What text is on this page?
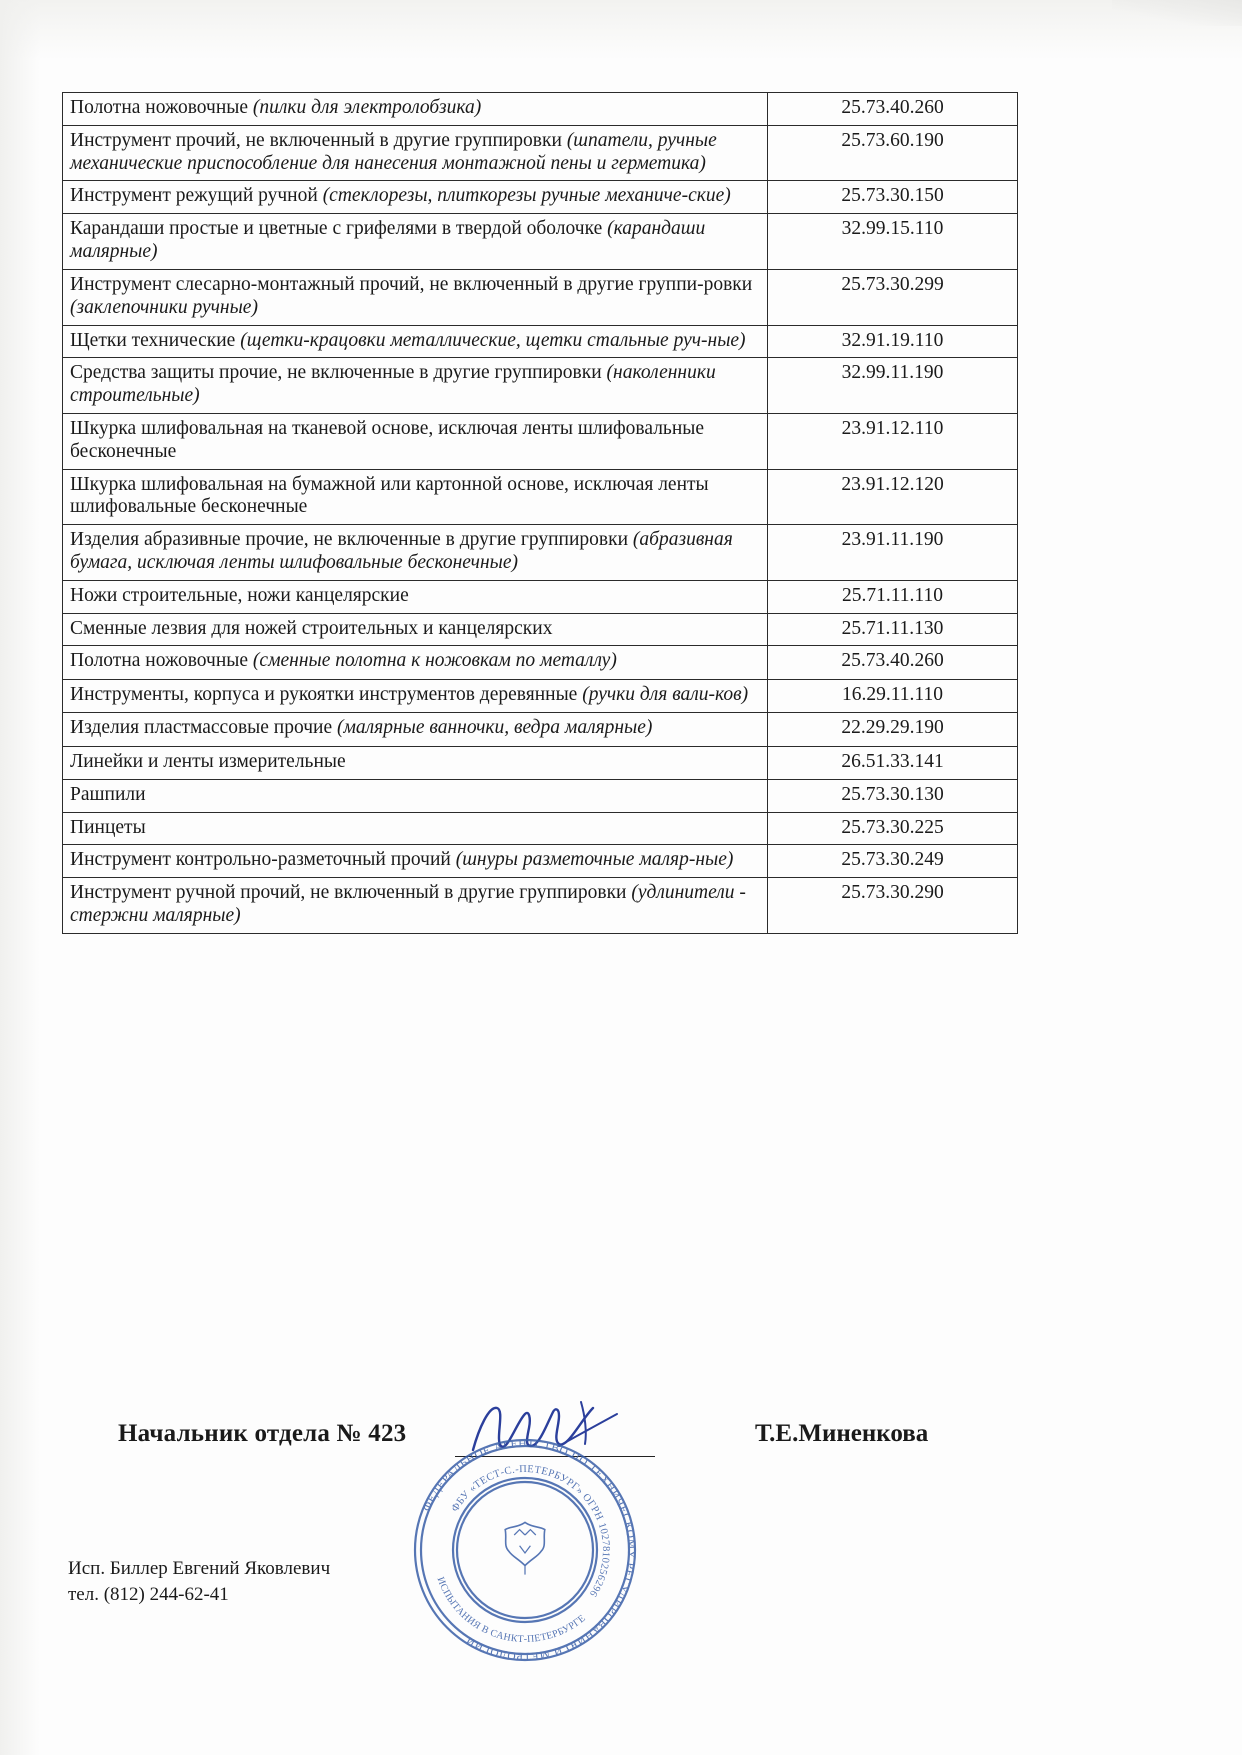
Полотна ножовочные (пилки для электролобзика)	25.73.40.260
Инструмент прочий, не включенный в другие группировки (шпатели, ручные механические приспособление для нанесения монтажной пены и герметика)	25.73.60.190
Инструмент режущий ручной (стеклорезы, плиткорезы ручные механиче-ские)	25.73.30.150
Карандаши простые и цветные с грифелями в твердой оболочке (карандаши малярные)	32.99.15.110
Инструмент слесарно-монтажный прочий, не включенный в другие группи-ровки (заклепочники ручные)	25.73.30.299
Щетки технические (щетки-крацовки металлические, щетки стальные руч-ные)	32.91.19.110
Средства защиты прочие, не включенные в другие группировки (наколенники строительные)	32.99.11.190
Шкурка шлифовальная на тканевой основе, исключая ленты шлифовальные бесконечные	23.91.12.110
Шкурка шлифовальная на бумажной или картонной основе, исключая ленты шлифовальные бесконечные	23.91.12.120
Изделия абразивные прочие, не включенные в другие группировки (абразивная бумага, исключая ленты шлифовальные бесконечные)	23.91.11.190
Ножи строительные, ножи канцелярские	25.71.11.110
Сменные лезвия для ножей строительных и канцелярских	25.71.11.130
Полотна ножовочные (сменные полотна к ножовкам по металлу)	25.73.40.260
Инструменты, корпуса и рукоятки инструментов деревянные (ручки для вали-ков)	16.29.11.110
Изделия пластмассовые прочие (малярные ванночки, ведра малярные)	22.29.29.190
Линейки и ленты измерительные	26.51.33.141
Рашпили	25.73.30.130
Пинцеты	25.73.30.225
Инструмент контрольно-разметочный прочий (шнуры разметочные маляр-ные)	25.73.30.249
Инструмент ручной прочий, не включенный в другие группировки (удлинители - стержни малярные)	25.73.30.290
Начальник отдела № 423	Т.Е.Миненкова
ФЕДЕРАЛЬНОЕ АГЕНТСТВО ПО ТЕХНИЧЕСКОМУ РЕГУЛИРОВАНИЮ И МЕТРОЛОГИИ
ФБУ «ТЕСТ-С.-ПЕТЕРБУРГ» ОГРН 1027810256296
ИСПЫТАНИЯ В САНКТ-ПЕТЕРБУРГЕ
Исп. Биллер Евгений Яковлевич
тел. (812) 244-62-41
